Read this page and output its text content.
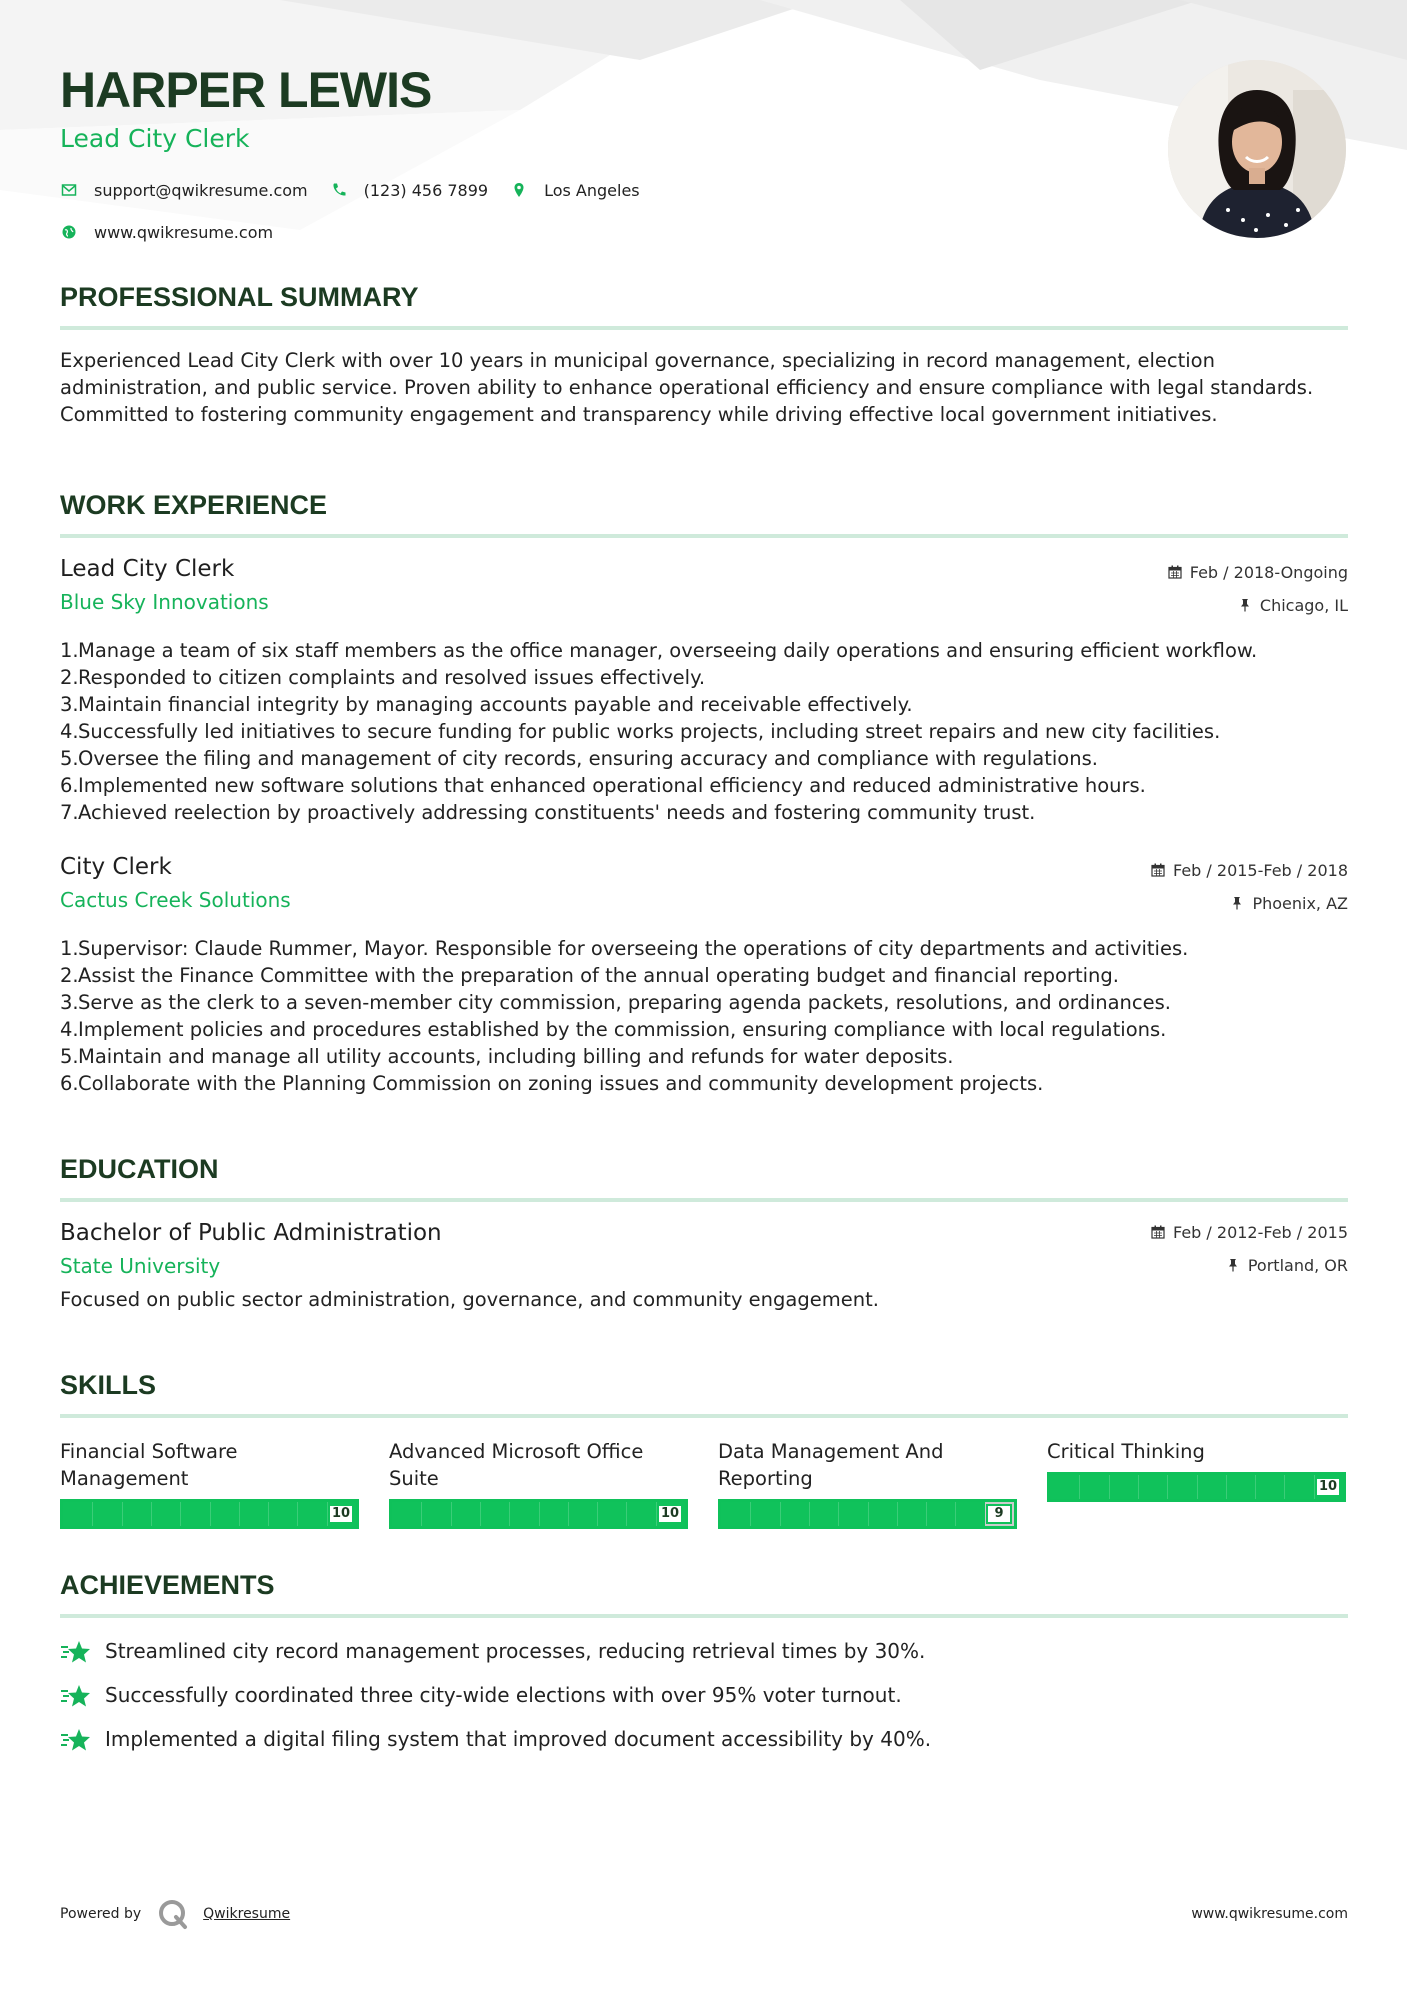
HARPER LEWIS
Lead City Clerk
support@qwikresume.com	(123) 456 7899	Los Angeles
www.qwikresume.com
PROFESSIONAL SUMMARY

Experienced Lead City Clerk with over 10 years in municipal governance, specializing in record management, election administration, and public service. Proven ability to enhance operational efficiency and ensure compliance with legal standards. Committed to fostering community engagement and transparency while driving effective local government initiatives.

WORK EXPERIENCE
Lead City Clerk
Blue Sky Innovations
Feb / 2018-Ongoing
Chicago, IL
1. Manage a team of six staff members as the office manager, overseeing daily operations and ensuring efficient workflow.
2. Responded to citizen complaints and resolved issues effectively.
3. Maintain financial integrity by managing accounts payable and receivable effectively.
4. Successfully led initiatives to secure funding for public works projects, including street repairs and new city facilities.
5. Oversee the filing and management of city records, ensuring accuracy and compliance with regulations.
6. Implemented new software solutions that enhanced operational efficiency and reduced administrative hours.
7. Achieved reelection by proactively addressing constituents' needs and fostering community trust.
City Clerk
Cactus Creek Solutions
Feb / 2015-Feb / 2018
Phoenix, AZ
1. Supervisor: Claude Rummer, Mayor. Responsible for overseeing the operations of city departments and activities.
2. Assist the Finance Committee with the preparation of the annual operating budget and financial reporting.
3. Serve as the clerk to a seven-member city commission, preparing agenda packets, resolutions, and ordinances.
4. Implement policies and procedures established by the commission, ensuring compliance with local regulations.
5. Maintain and manage all utility accounts, including billing and refunds for water deposits.
6. Collaborate with the Planning Commission on zoning issues and community development projects.
EDUCATION
Bachelor of Public Administration
State University
Feb / 2012-Feb / 2015
Portland, OR

Focused on public sector administration, governance, and community engagement.

SKILLS
Financial Software Management
10
Advanced Microsoft Office Suite
10
Data Management And Reporting
9
Critical Thinking
10
ACHIEVEMENTS
Streamlined city record management processes, reducing retrieval times by 30%.
Successfully coordinated three city-wide elections with over 95% voter turnout.
Implemented a digital filing system that improved document accessibility by 40%.
Powered by	Qwikresume	www.qwikresume.com
